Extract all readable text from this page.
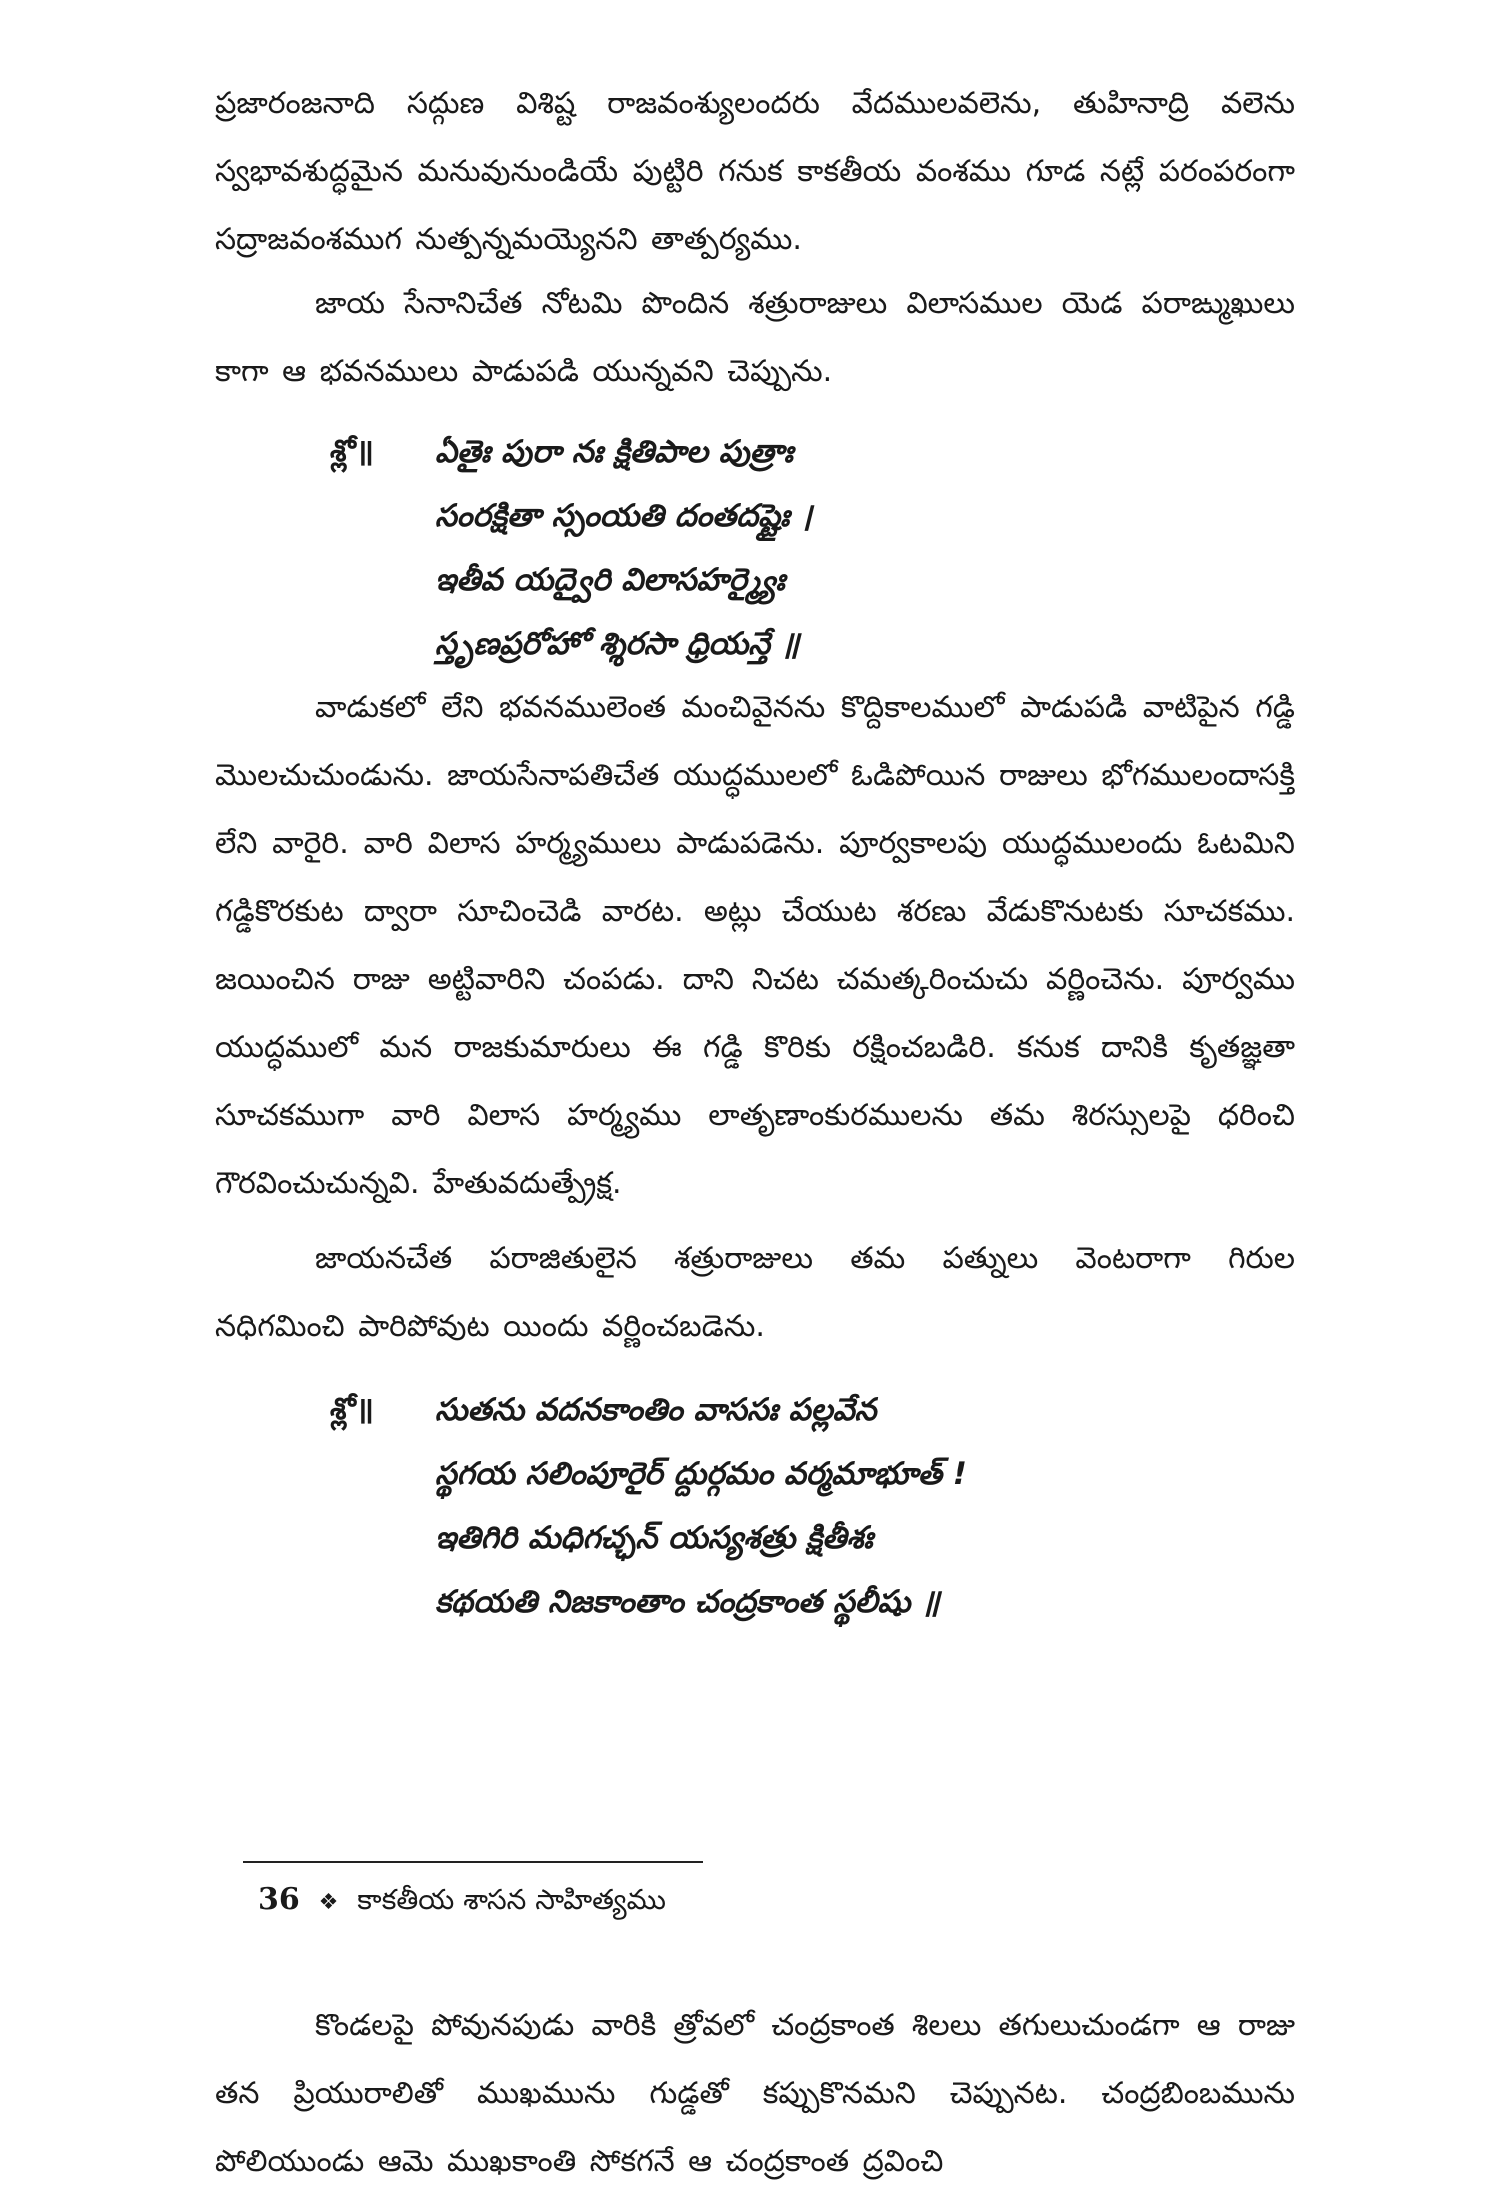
ప్రజారంజనాది సద్గుణ విశిష్ట రాజవంశ్యులందరు వేదములవలెను, తుహినాద్రి వలెను స్వభావశుద్ధమైన మనువునుండియే పుట్టిరి గనుక కాకతీయ వంశము గూడ నట్లే పరంపరంగా సద్రాజవంశముగ నుత్పన్నమయ్యెనని తాత్పర్యము.

జాయ సేనానిచేత నోటమి పొందిన శత్రురాజులు విలాసముల యెడ పరాఙ్ముఖులు కాగా ఆ భవనములు పాడుపడి యున్నవని చెప్పును.

శ్లో॥ ఏతైః పురా నః క్షితిపాల పుత్రాః
సంరక్షితా స్సంయతి దంతదష్టైః ।
ఇతీవ యద్వైరి విలాసహర్మ్యైః
స్తృణప్రరోహో శ్శిరసా ధ్రియన్తే ॥

వాడుకలో లేని భవనములెంత మంచివైనను కొద్దికాలములో పాడుపడి వాటిపైన గడ్డి మొలచుచుండును. జాయసేనాపతిచేత యుద్ధములలో ఓడిపోయిన రాజులు భోగములందాసక్తి లేని వారైరి. వారి విలాస హర్మ్యములు పాడుపడెను. పూర్వకాలపు యుద్ధములందు ఓటమిని గడ్డికొరకుట ద్వారా సూచించెడి వారట. అట్లు చేయుట శరణు వేడుకొనుటకు సూచకము. జయించిన రాజు అట్టివారిని చంపడు. దాని నిచట చమత్కరించుచు వర్ణించెను. పూర్వము యుద్ధములో మన రాజకుమారులు ఈ గడ్డి కొరికు రక్షించబడిరి. కనుక దానికి కృతజ్ఞతా సూచకముగా వారి విలాస హర్మ్యము లాతృణాంకురములను తమ శిరస్సులపై ధరించి గౌరవించుచున్నవి. హేతువదుత్ప్రేక్ష.

జాయనచేత పరాజితులైన శత్రురాజులు తమ పత్నులు వెంటరాగా గిరుల నధిగమించి పారిపోవుట యిందు వర్ణించబడెను.

శ్లో॥ సుతను వదనకాంతిం వాససః పల్లవేన
స్థగయ సలింపూరైర్ ద్దుర్గమం వర్మమాభూత్ !
ఇతిగిరి మధిగచ్ఛన్ యస్యశత్రు క్షితీశః
కథయతి నిజకాంతాం చంద్రకాంత స్థలీషు ॥

కొండలపై పోవునపుడు వారికి త్రోవలో చంద్రకాంత శిలలు తగులుచుండగా ఆ రాజు తన ప్రియురాలితో ముఖమును గుడ్డతో కప్పుకొనమని చెప్పునట. చంద్రబింబమును పోలియుండు ఆమె ముఖకాంతి సోకగనే ఆ చంద్రకాంత ద్రవించి

36 ❖ కాకతీయ శాసన సాహిత్యము
